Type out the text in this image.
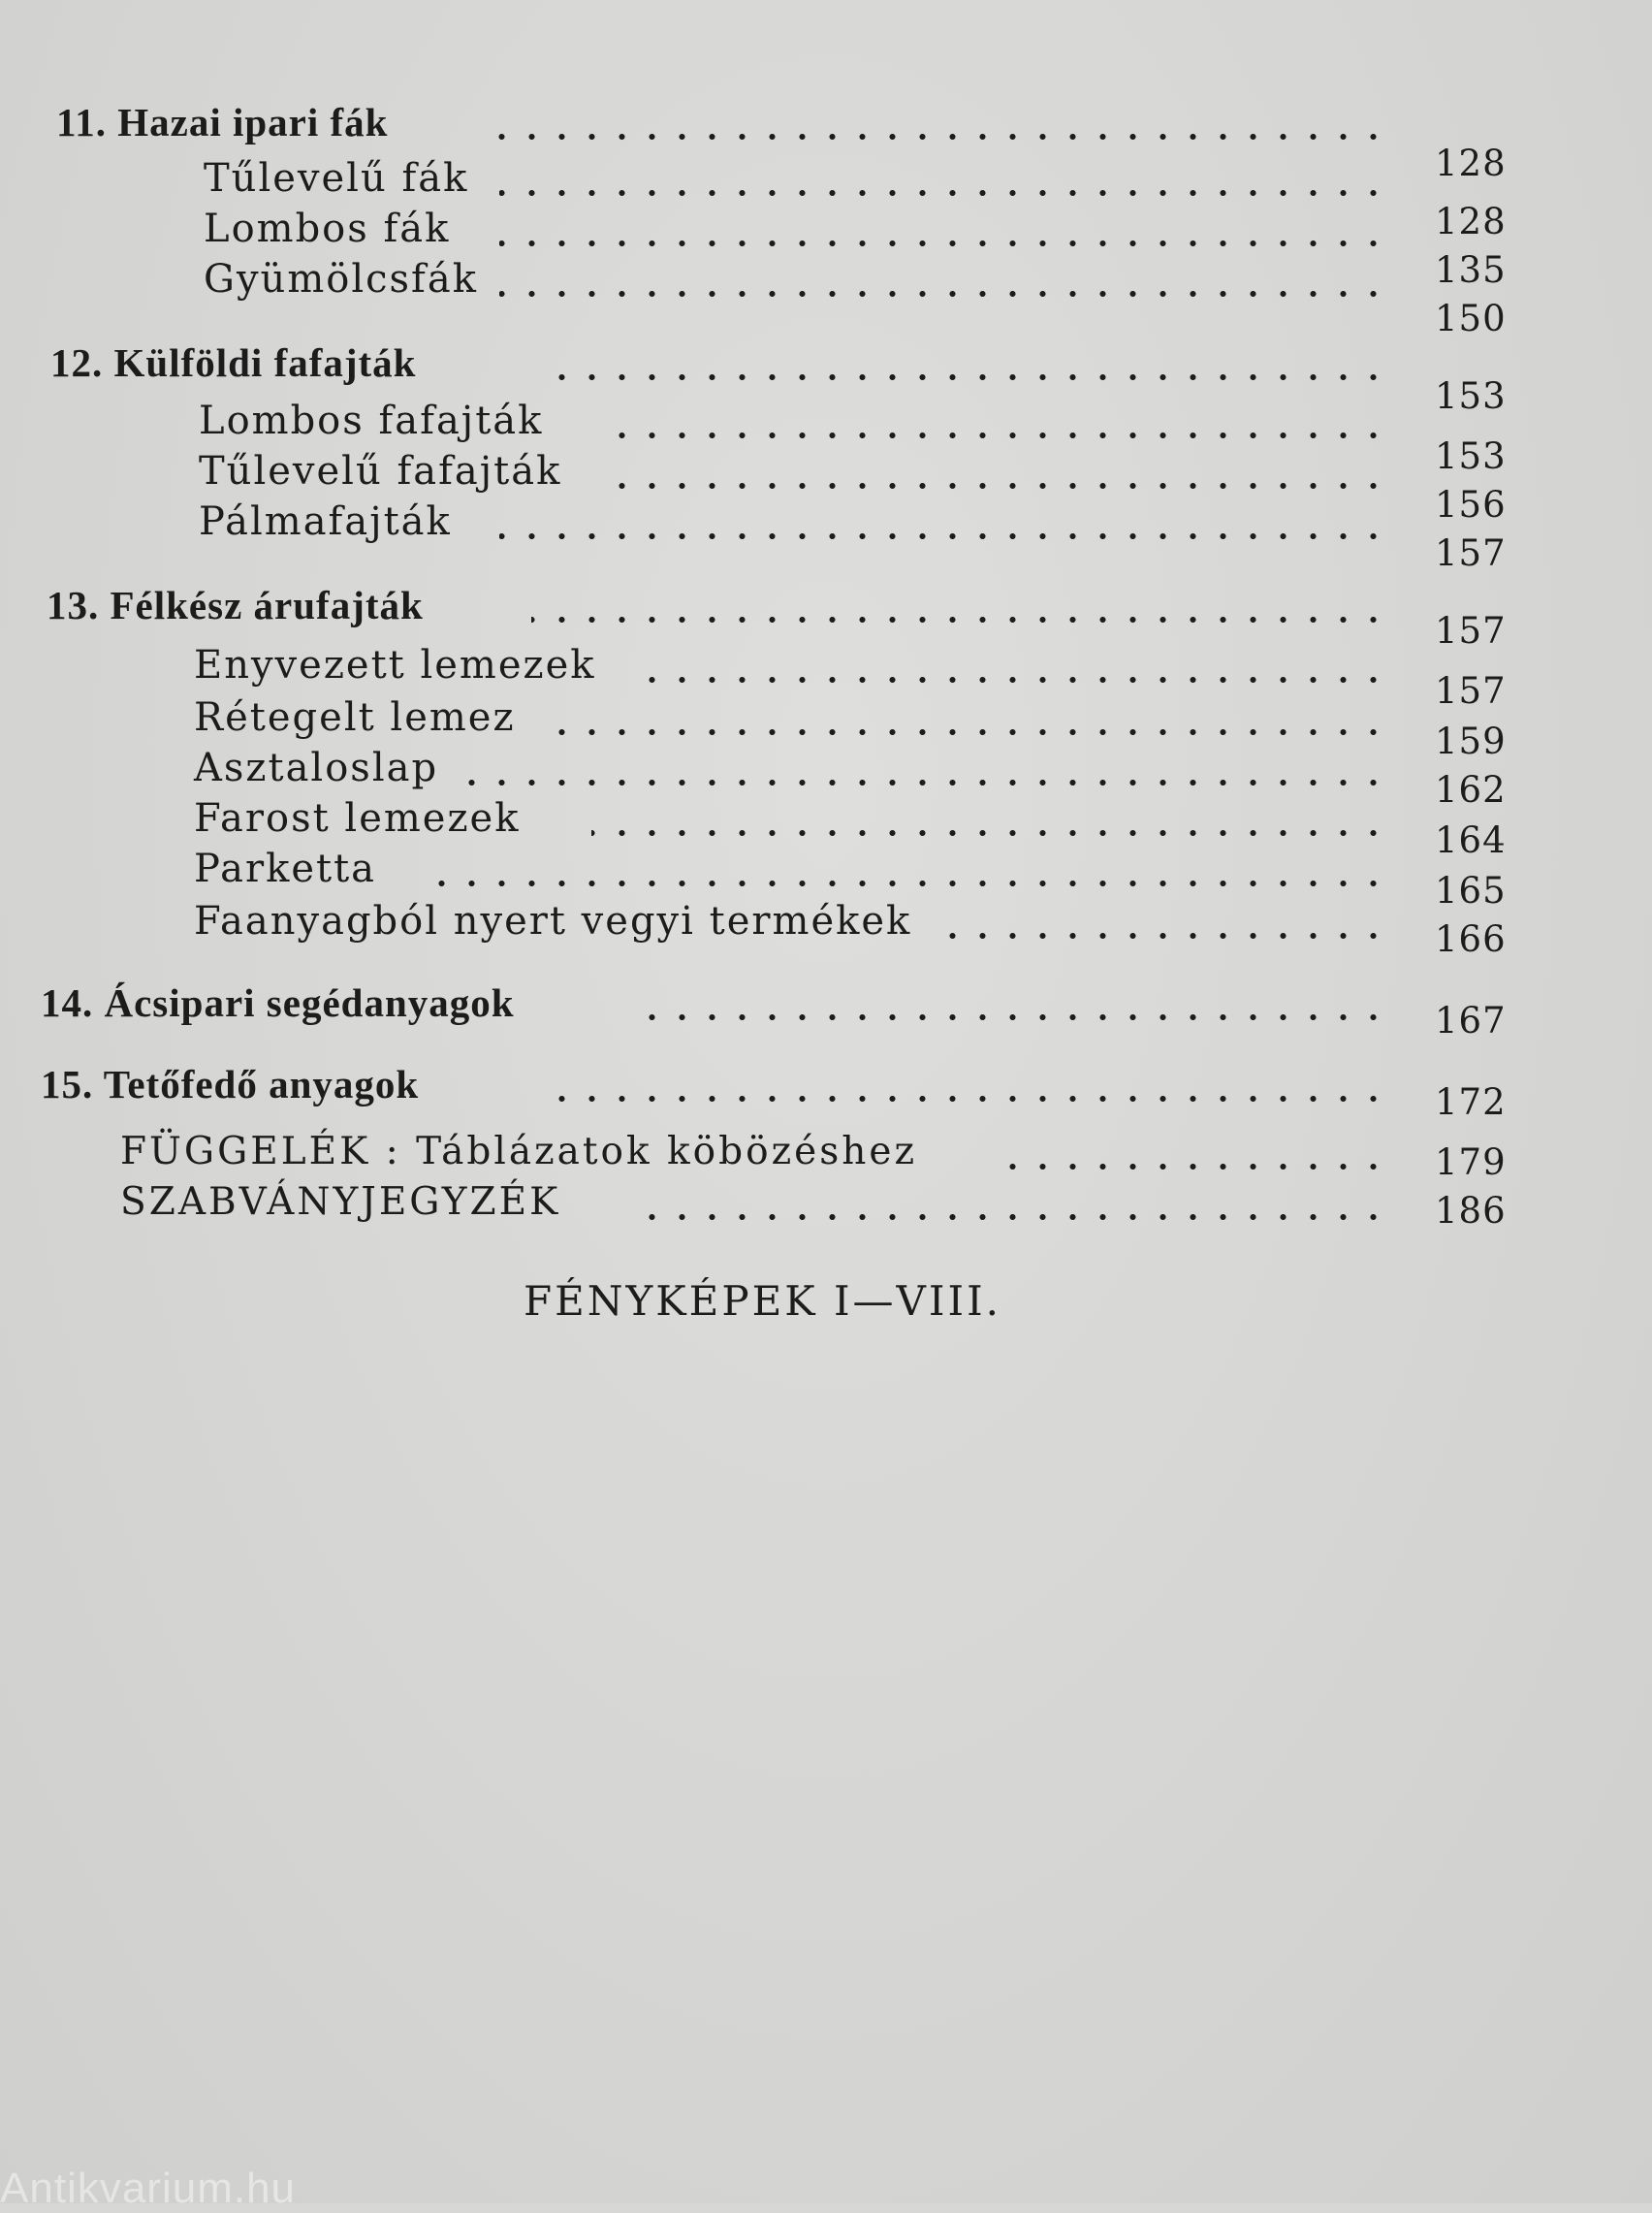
11. Hazai ipari fák
Tűlevelű fák
Lombos fák
Gyümölcsfák
12. Külföldi fafajták
Lombos fafajták
Tűlevelű fafajták
Pálmafajták
13. Félkész árufajták
Enyvezett lemezek
Rétegelt lemez
Asztaloslap
Farost lemezek
Parketta
Faanyagból nyert vegyi termékek
14. Ácsipari segédanyagok
15. Tetőfedő anyagok
FÜGGELÉK : Táblázatok köbözéshez
SZABVÁNYJEGYZÉK
128
128
135
150
153
153
156
157
157
157
159
162
164
165
166
167
172
179
186
FÉNYKÉPEK I—VIII.
Antikvarium.hu
